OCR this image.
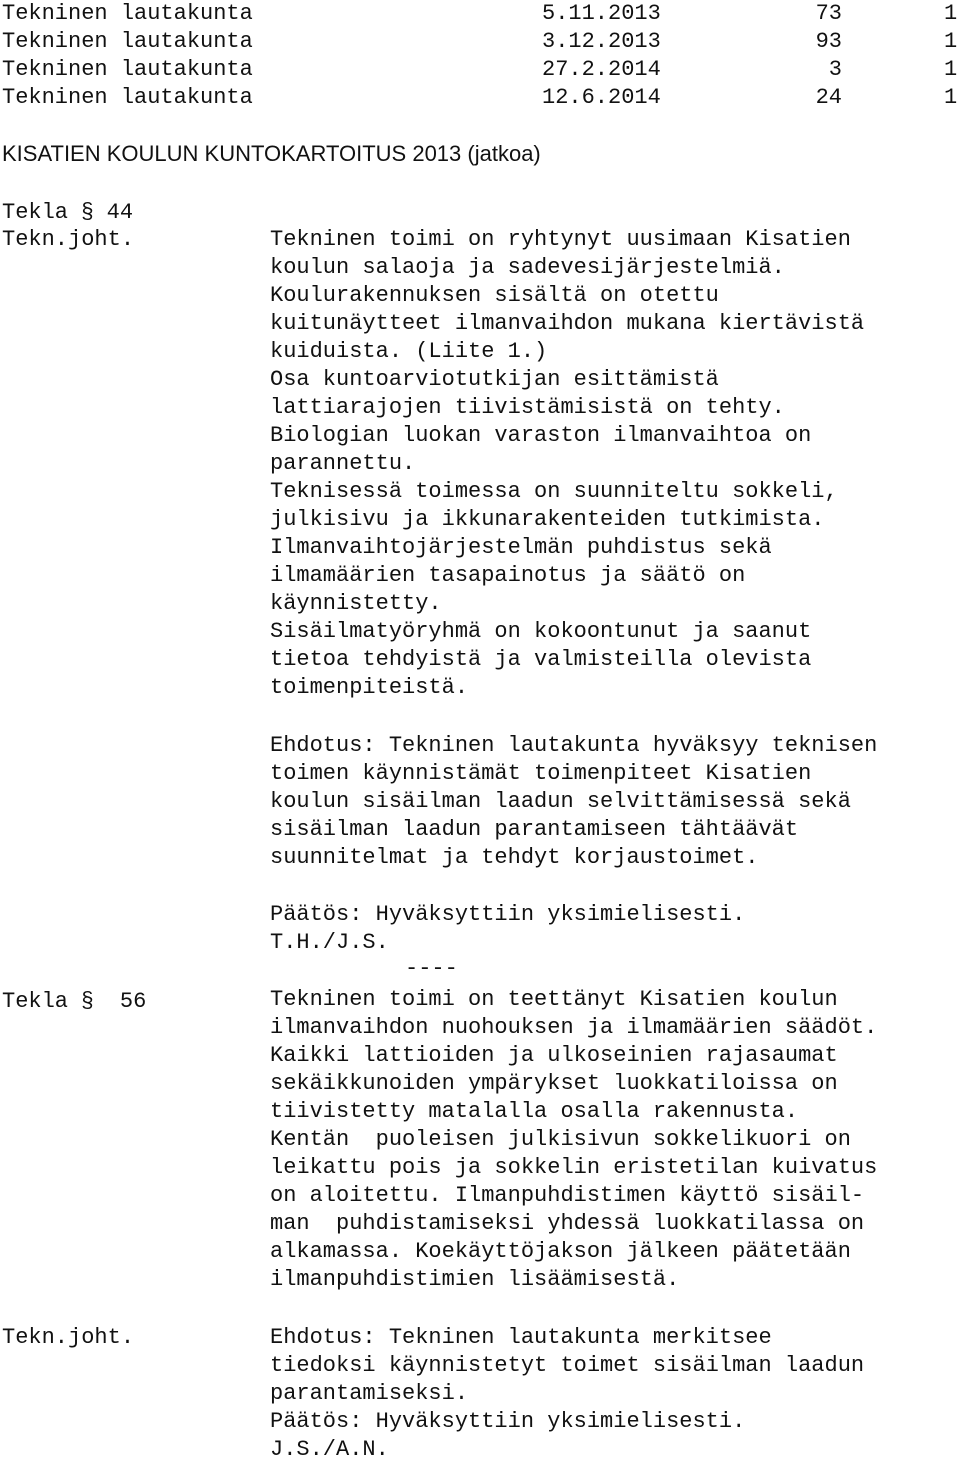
Tekninen lautakunta	5.11.2013	73	1
Tekninen lautakunta	3.12.2013	93	1
Tekninen lautakunta	27.2.2014	3	1
Tekninen lautakunta	12.6.2014	24	1
KISATIEN KOULUN KUNTOKARTOITUS 2013 (jatkoa)
Tekla § 44
Tekn.joht.	Tekninen toimi on ryhtynyt uusimaan Kisatien
koulun salaoja ja sadevesijärjestelmiä.
Koulurakennuksen sisältä on otettu
kuitunäytteet ilmanvaihdon mukana kiertävistä
kuiduista. (Liite 1.)
Osa kuntoarviotutkijan esittämistä
lattiarajojen tiivistämisistä on tehty.
Biologian luokan varaston ilmanvaihtoa on
parannettu.
Teknisessä toimessa on suunniteltu sokkeli,
julkisivu ja ikkunarakenteiden tutkimista.
Ilmanvaihtojärjestelmän puhdistus sekä
ilmamäärien tasapainotus ja säätö on
käynnistetty.
Sisäilmatyöryhmä on kokoontunut ja saanut
tietoa tehdyistä ja valmisteilla olevista
toimenpiteistä.
Ehdotus: Tekninen lautakunta hyväksyy teknisen
toimen käynnistämät toimenpiteet Kisatien
koulun sisäilman laadun selvittämisessä sekä
sisäilman laadun parantamiseen tähtäävät
suunnitelmat ja tehdyt korjaustoimet.
Päätös: Hyväksyttiin yksimielisesti.
T.H./J.S.
----
Tekla § 56	Tekninen toimi on teettänyt Kisatien koulun
ilmanvaihdon nuohouksen ja ilmamäärien säädöt.
Kaikki lattioiden ja ulkoseinien rajasaumat
sekäikkunoiden ympärykset luokkatiloissa on
tiivistetty matalalla osalla rakennusta.
Kentän  puoleisen julkisivun sokkelikuori on
leikattu pois ja sokkelin eristetilan kuivatus
on aloitettu. Ilmanpuhdistimen käyttö sisäil-
man  puhdistamiseksi yhdessä luokkatilassa on
alkamassa. Koekäyttöjakson jälkeen päätetään
ilmanpuhdistimien lisäämisestä.
Tekn.joht.	Ehdotus: Tekninen lautakunta merkitsee
tiedoksi käynnistetyt toimet sisäilman laadun
parantamiseksi.
Päätös: Hyväksyttiin yksimielisesti.
J.S./A.N.
